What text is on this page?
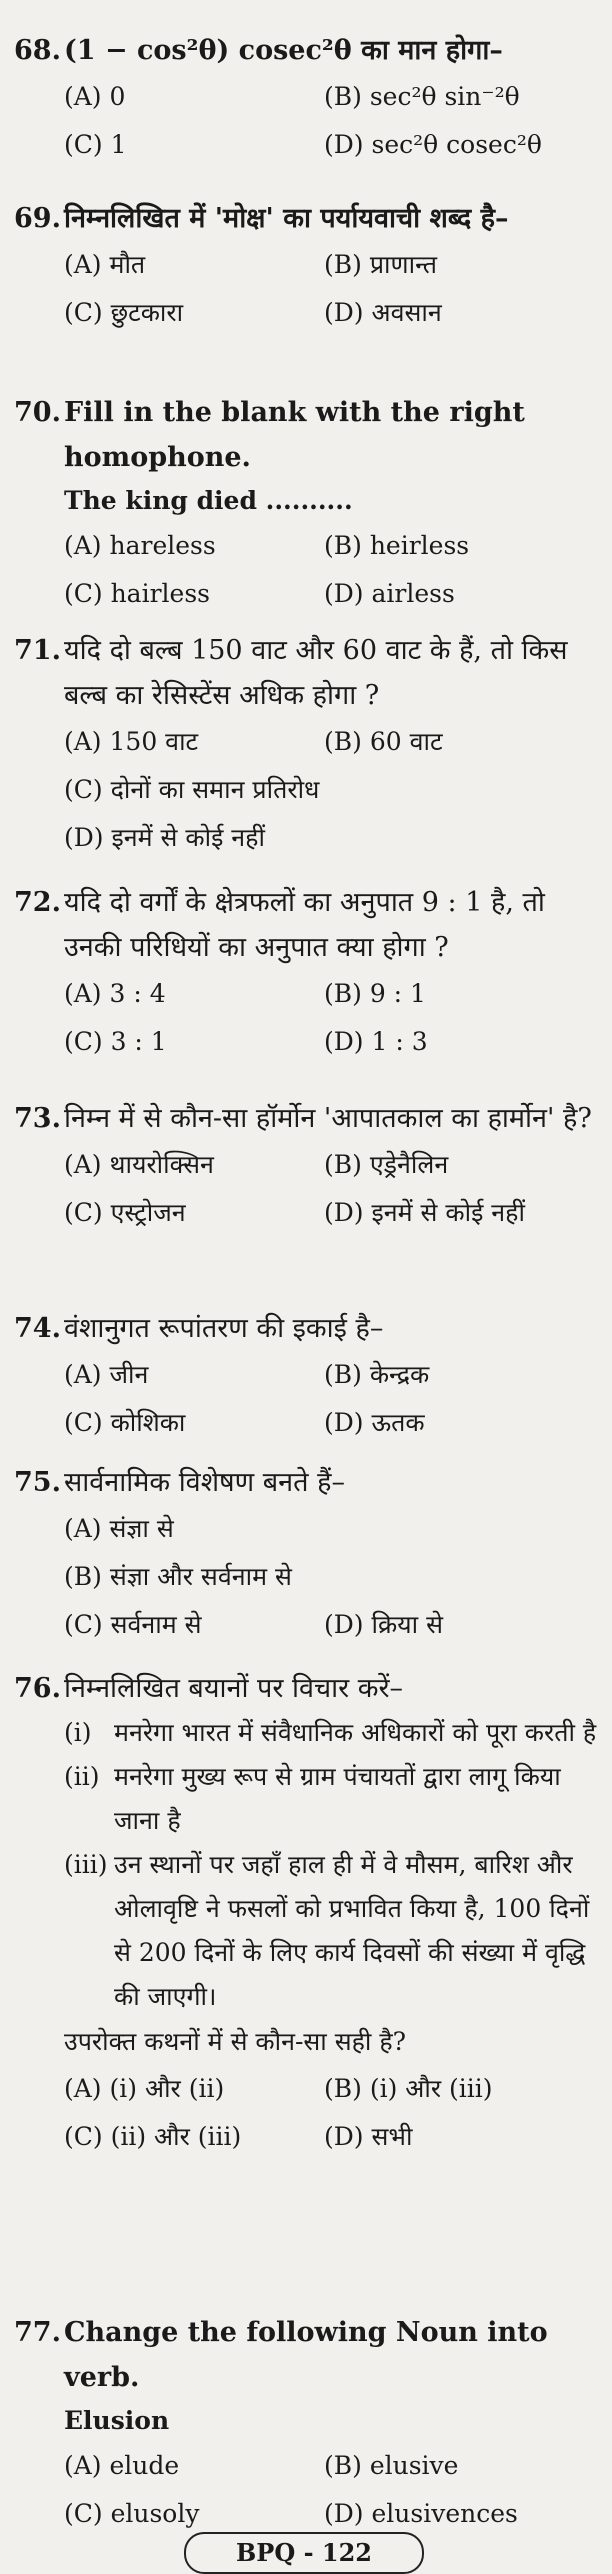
68. (1 − cos²θ) cosec²θ का मान होगा–
(A) 0	(B) sec²θ sin⁻²θ
(C) 1	(D) sec²θ cosec²θ
69. निम्नलिखित में 'मोक्ष' का पर्यायवाची शब्द है–
(A) मौत	(B) प्राणान्त
(C) छुटकारा	(D) अवसान
70. Fill in the blank with the right homophone.
The king died ..........
(A) hareless	(B) heirless
(C) hairless	(D) airless
71. यदि दो बल्ब 150 वाट और 60 वाट के हैं, तो किस बल्ब का रेसिस्टेंस अधिक होगा ?
(A) 150 वाट	(B) 60 वाट
(C) दोनों का समान प्रतिरोध
(D) इनमें से कोई नहीं
72. यदि दो वर्गों के क्षेत्रफलों का अनुपात 9 : 1 है, तो उनकी परिधियों का अनुपात क्या होगा ?
(A) 3 : 4	(B) 9 : 1
(C) 3 : 1	(D) 1 : 3
73. निम्न में से कौन-सा हॉर्मोन 'आपातकाल का हार्मोन' है?
(A) थायरोक्सिन	(B) एड्रेनैलिन
(C) एस्ट्रोजन	(D) इनमें से कोई नहीं
74. वंशानुगत रूपांतरण की इकाई है–
(A) जीन	(B) केन्द्रक
(C) कोशिका	(D) ऊतक
75. सार्वनामिक विशेषण बनते हैं–
(A) संज्ञा से
(B) संज्ञा और सर्वनाम से
(C) सर्वनाम से	(D) क्रिया से
76. निम्नलिखित बयानों पर विचार करें–
(i) मनरेगा भारत में संवैधानिक अधिकारों को पूरा करती है
(ii) मनरेगा मुख्य रूप से ग्राम पंचायतों द्वारा लागू किया जाना है
(iii) उन स्थानों पर जहाँ हाल ही में वे मौसम, बारिश और ओलावृष्टि ने फसलों को प्रभावित किया है, 100 दिनों से 200 दिनों के लिए कार्य दिवसों की संख्या में वृद्धि की जाएगी।
उपरोक्त कथनों में से कौन-सा सही है?
(A) (i) और (ii)	(B) (i) और (iii)
(C) (ii) और (iii)	(D) सभी
77. Change the following Noun into verb.
Elusion
(A) elude	(B) elusive
(C) elusoly	(D) elusivences
BPQ - 122
